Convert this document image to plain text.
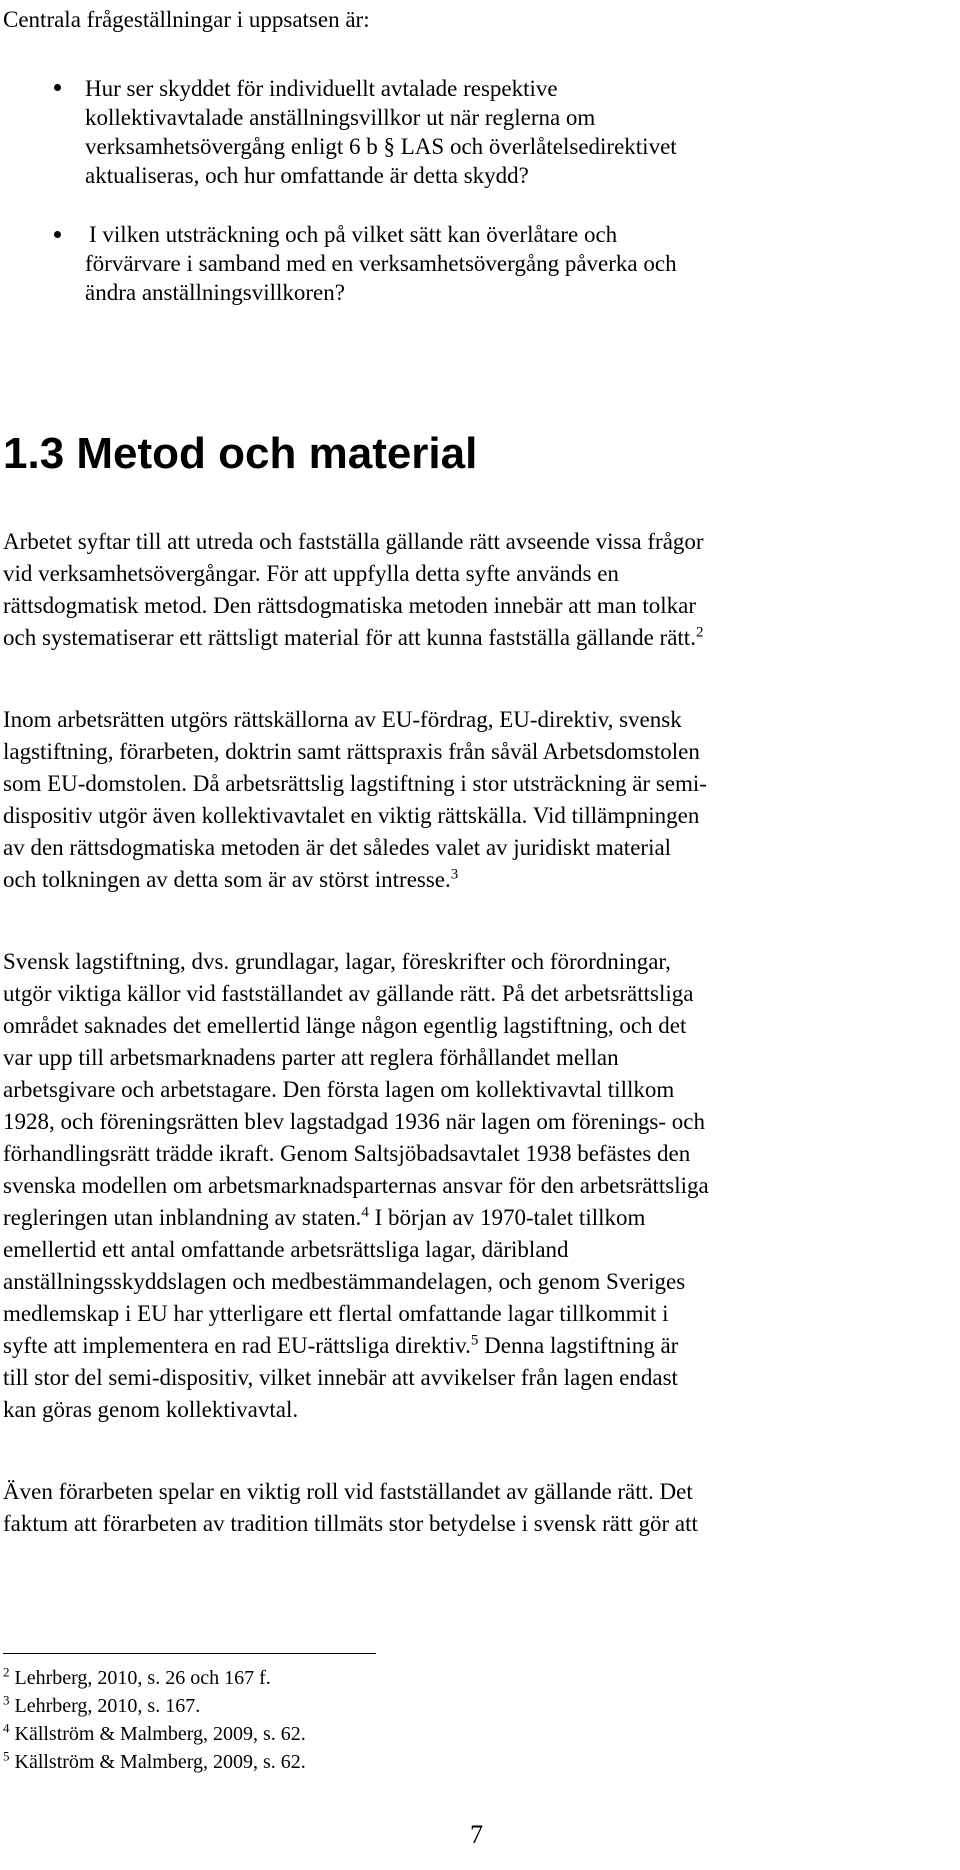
Centrala frågeställningar i uppsatsen är:
Hur ser skyddet för individuellt avtalade respektive
kollektivavtalade anställningsvillkor ut när reglerna om
verksamhetsövergång enligt 6 b § LAS och överlåtelsedirektivet
aktualiseras, och hur omfattande är detta skydd?
I vilken utsträckning och på vilket sätt kan överlåtare och
förvärvare i samband med en verksamhetsövergång påverka och
ändra anställningsvillkoren?
1.3 Metod och material
Arbetet syftar till att utreda och fastställa gällande rätt avseende vissa frågor
vid verksamhetsövergångar. För att uppfylla detta syfte används en
rättsdogmatisk metod. Den rättsdogmatiska metoden innebär att man tolkar
och systematiserar ett rättsligt material för att kunna fastställa gällande rätt.$^2$
Inom arbetsrätten utgörs rättskällorna av EU-fördrag, EU-direktiv, svensk
lagstiftning, förarbeten, doktrin samt rättspraxis från såväl Arbetsdomstolen
som EU-domstolen. Då arbetsrättslig lagstiftning i stor utsträckning är semi-
dispositiv utgör även kollektivavtalet en viktig rättskälla. Vid tillämpningen
av den rättsdogmatiska metoden är det således valet av juridiskt material
och tolkningen av detta som är av störst intresse.$^3$
Svensk lagstiftning, dvs. grundlagar, lagar, föreskrifter och förordningar,
utgör viktiga källor vid fastställandet av gällande rätt. På det arbetsrättsliga
området saknades det emellertid länge någon egentlig lagstiftning, och det
var upp till arbetsmarknadens parter att reglera förhållandet mellan
arbetsgivare och arbetstagare. Den första lagen om kollektivavtal tillkom
1928, och föreningsrätten blev lagstadgad 1936 när lagen om förenings- och
förhandlingsrätt trädde ikraft. Genom Saltsjöbadsavtalet 1938 befästes den
svenska modellen om arbetsmarknadsparternas ansvar för den arbetsrättsliga
regleringen utan inblandning av staten.$^4$ I början av 1970-talet tillkom
emellertid ett antal omfattande arbetsrättsliga lagar, däribland
anställningsskyddslagen och medbestämmandelagen, och genom Sveriges
medlemskap i EU har ytterligare ett flertal omfattande lagar tillkommit i
syfte att implementera en rad EU-rättsliga direktiv.$^5$ Denna lagstiftning är
till stor del semi-dispositiv, vilket innebär att avvikelser från lagen endast
kan göras genom kollektivavtal.
Även förarbeten spelar en viktig roll vid fastställandet av gällande rätt. Det
faktum att förarbeten av tradition tillmäts stor betydelse i svensk rätt gör att
$^2$ Lehrberg, 2010, s. 26 och 167 f.
$^3$ Lehrberg, 2010, s. 167.
$^4$ Källström & Malmberg, 2009, s. 62.
$^5$ Källström & Malmberg, 2009, s. 62.
7
